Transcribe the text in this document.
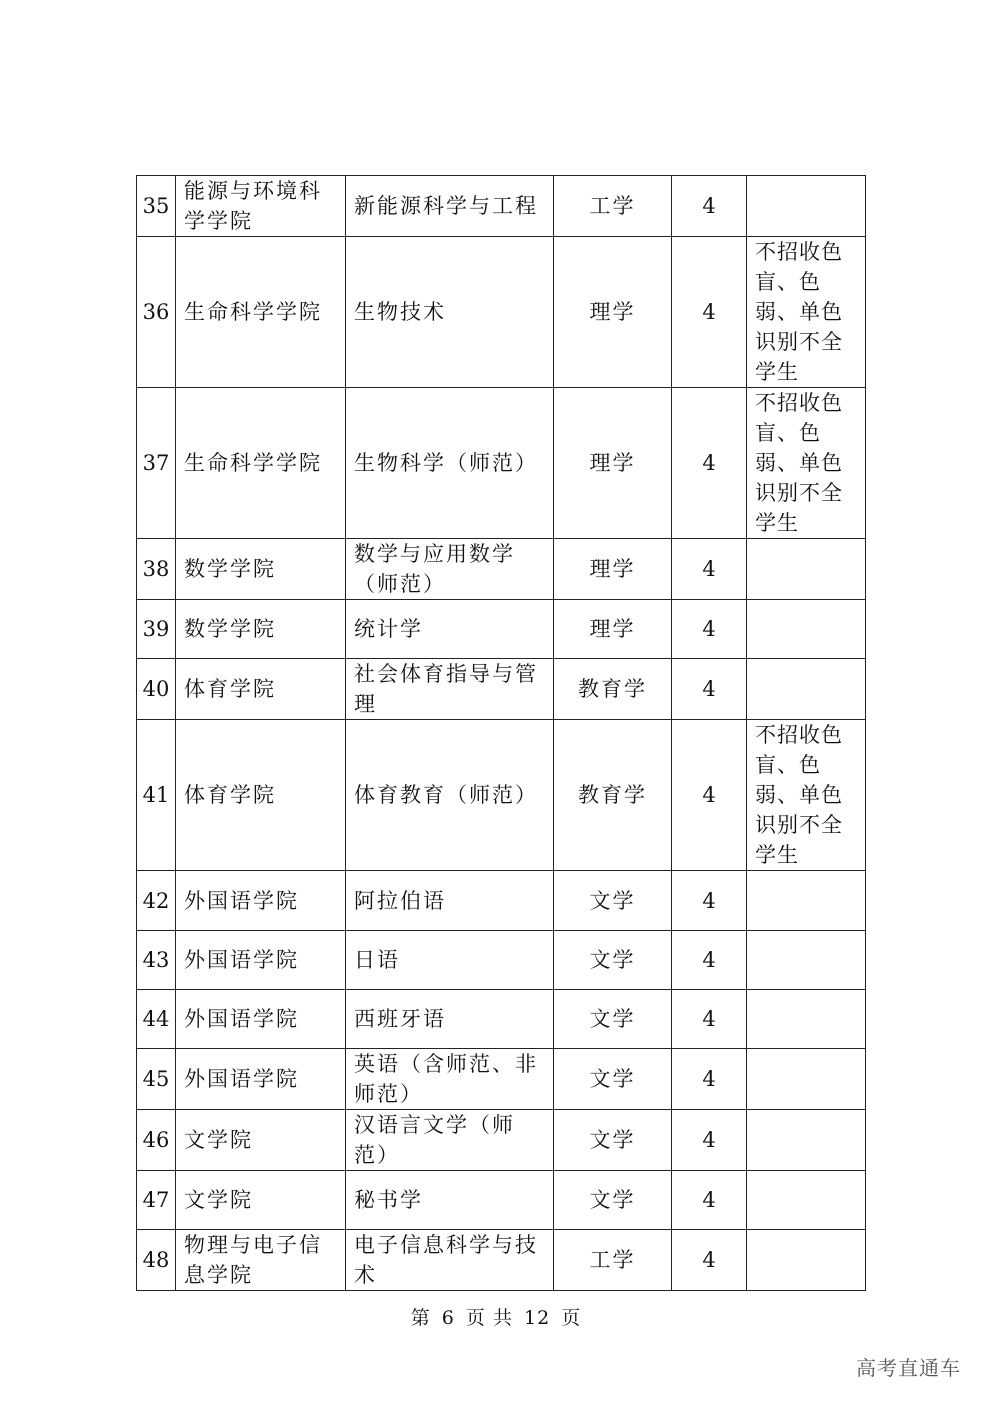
35	能源与环境科学学院	新能源科学与工程	工学	4	
36	生命科学学院	生物技术	理学	4	不招收色盲、色弱、单色识别不全学生
37	生命科学学院	生物科学（师范）	理学	4	不招收色盲、色弱、单色识别不全学生
38	数学学院	数学与应用数学（师范）	理学	4	
39	数学学院	统计学	理学	4	
40	体育学院	社会体育指导与管理	教育学	4	
41	体育学院	体育教育（师范）	教育学	4	不招收色盲、色弱、单色识别不全学生
42	外国语学院	阿拉伯语	文学	4	
43	外国语学院	日语	文学	4	
44	外国语学院	西班牙语	文学	4	
45	外国语学院	英语（含师范、非师范）	文学	4	
46	文学院	汉语言文学（师范）	文学	4	
47	文学院	秘书学	文学	4	
48	物理与电子信息学院	电子信息科学与技术	工学	4	
第 6 页 共 12 页
高考直通车
